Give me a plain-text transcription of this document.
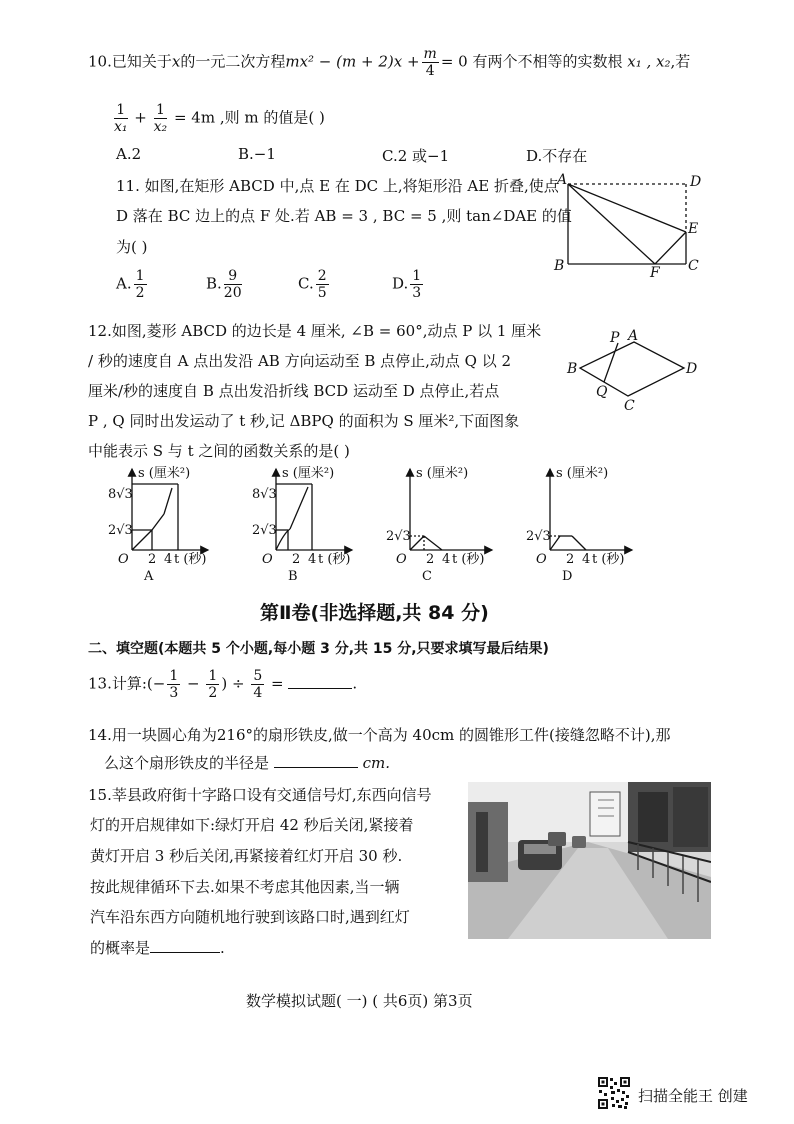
10.已知关于x的一元二次方程$mx^2 - (m + 2)x + \frac{m}{4} = 0$ 有两个不相等的实数根 x₁ , x₂,若
$\frac{1}{\text{x₁}} + \frac{1}{\text{x₂}} = 4m$ ,则 m 的值是( )
A.2	B.−1	C.2 或−1	D.不存在
11. 如图,在矩形 ABCD 中,点 E 在 DC 上,将矩形沿 AE 折叠,使点
D 落在 BC 边上的点 F 处.若 AB = 3 , BC = 5 ,则 tan∠DAE 的值
为( )
A. $\frac{1}{2}$	B. $\frac{9}{20}$	C. $\frac{2}{5}$	D. $\frac{1}{3}$
A	D
E
B	F C
12.如图,菱形 ABCD 的边长是 4 厘米, ∠B = 60°,动点 P 以 1 厘米
/ 秒的速度自 A 点出发沿 AB 方向运动至 B 点停止,动点 Q 以 2
厘米/秒的速度自 B 点出发沿折线 BCD 运动至 D 点停止,若点
P , Q 同时出发运动了 t 秒,记 ΔBPQ 的面积为 S 厘米²,下面图象
中能表示 S 与 t 之间的函数关系的是( )
P A
B	D
Q
C
s (厘米²)
8√3
2√3
O 2 4 t (秒)
A
s (厘米²)
8√3
2√3
O 2 4 t (秒)
B
s (厘米²)
2√3
O 2 4 t (秒)
C
s (厘米²)
2√3
O 2 4 t (秒)
D
第Ⅱ卷(非选择题,共 84 分)
二、填空题(本题共 5 个小题,每小题 3 分,共 15 分,只要求填写最后结果)
13.计算:(− $\frac{1}{3} - \frac{1}{2}$ ) ÷ $\frac{5}{4}$ =	.
14.用一块圆心角为216°的扇形铁皮,做一个高为 40cm 的圆锥形工件(接缝忽略不计),那
么这个扇形铁皮的半径是	cm.
15.莘县政府街十字路口设有交通信号灯,东西向信号
灯的开启规律如下:绿灯开启 42 秒后关闭,紧接着
黄灯开启 3 秒后关闭,再紧接着红灯开启 30 秒.
按此规律循环下去.如果不考虑其他因素,当一辆
汽车沿东西方向随机地行驶到该路口时,遇到红灯
的概率是	.
数学模拟试题( 一) ( 共6页) 第3页
扫描全能王 创建
